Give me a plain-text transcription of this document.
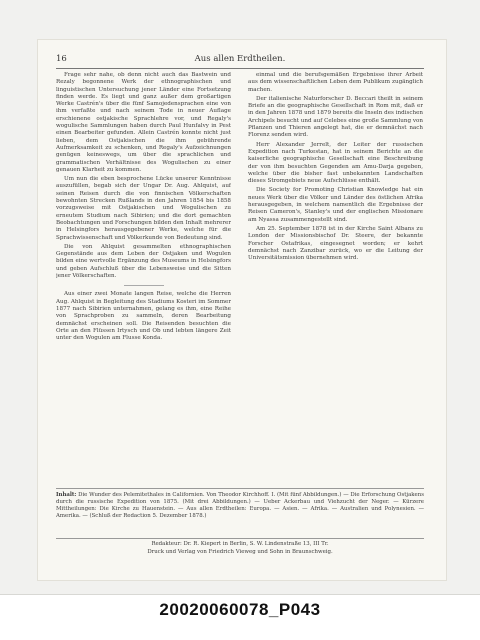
16	Aus allen Erdtheilen.

Frage sehr nahe, ob denn nicht auch das Bastwein und Rezaly begonnene Werk der ethnographischen und linguistischen Untersuchung jener Länder eine Fortsetzung finden werde. Es liegt und ganz außer dem großartigen Werke Castrén's über die fünf Samojedensprachen eine von ihm verfaßte und nach seinem Tode in neuer Auflage erschienene ostjakische Sprachlehre vor, und Regaly's wogulische Sammlungen haben durch Paul Hunfalvy in Pest einen Bearbeiter gefunden. Allein Castrén konnte nicht just lieben, dem Ostjakischen die ihm gebührende Aufmerksamkeit zu schenken, und Regaly's Aufzeichnungen genügen keineswegs, um über die sprachlichen und grammatischen Verhältnisse des Wogulischen zu einer genauen Klarheit zu kommen.

Um nun die eben besprochene Lücke unserer Kenntnisse auszufüllen, begab sich der Ungar Dr. Aug. Ahlquist, auf seinen Reisen durch die von finnischen Völkerschaften bewohnten Strecken Rußlands in den Jahren 1854 bis 1858 vorzugsweise mit Ostjakischen und Wogulischen zu erneutem Studium nach Sibirien; und die dort gemachten Beobachtungen und Forschungen bilden den Inhalt mehrerer in Helsingfors herausgegebener Werke, welche für die Sprachwissenschaft und Völkerkunde von Bedeutung sind.

Die von Ahlquist gesammelten ethnographischen Gegenstände aus dem Leben der Ostjaken und Wogulen bilden eine wertvolle Ergänzung des Museums in Helsingfors und geben Aufschluß über die Lebensweise und die Sitten jener Völkerschaften.

Aus einer zwei Monate langen Reise, welche die Herren Aug. Ahlquist in Begleitung des Stadiums Kosteri im Sommer 1877 nach Sibirien unternahmen, gelang es ihm, eine Reihe von Sprachproben zu sammeln, deren Bearbeitung demnächst erscheinen soll. Die Reisenden besuchten die Orte an den Flüssen Irtysch und Ob und lebten längere Zeit unter den Wogulen am Flusse Konda.

einmal und die berufsgemäßen Ergebnisse ihrer Arbeit aus dem wissenschaftlichen Leben dem Publikum zugänglich machen.

Der italienische Naturforscher D. Beccari theilt in seinem Briefe an die geographische Gesellschaft in Rom mit, daß er in den Jahren 1878 und 1879 bereits die Inseln des indischen Archipels besucht und auf Celebes eine große Sammlung von Pflanzen und Thieren angelegt hat, die er demnächst nach Florenz senden wird.

Herr Alexander Jerrelt, der Leiter der russischen Expedition nach Turkestan, hat in seinem Berichte an die kaiserliche geographische Gesellschaft eine Beschreibung der von ihm besuchten Gegenden am Amu-Darja gegeben, welche über die bisher fast unbekannten Landschaften dieses Stromgebiets neue Aufschlüsse enthält.

Die Society for Promoting Christian Knowledge hat ein neues Werk über die Völker und Länder des östlichen Afrika herausgegeben, in welchem namentlich die Ergebnisse der Reisen Cameron's, Stanley's und der englischen Missionare am Nyassa zusammengestellt sind.

Am 25. September 1878 ist in der Kirche Saint Albans zu London der Missionsbischof Dr. Steere, der bekannte Forscher Ostafrikas, eingesegnet worden; er kehrt demnächst nach Zanzibar zurück, wo er die Leitung der Universitätsmission übernehmen wird.

Inhalt: Die Wunder des Pelemitethales in Californien. Von Theodor Kirchhoff. I. (Mit fünf Abbildungen.) — Die Erforschung Ostjakens durch die russische Expedition von 1875. (Mit drei Abbildungen.) — Ueber Ackerbau und Viehzucht der Neger. — Kürzere Mittheilungen: Die Kirche zu Hauenstein. — Aus allen Erdtheilen: Europa. — Asien. — Afrika. — Australien und Polynesien. — Amerika. — (Schluß der Redaction 5. Dezember 1878.)
Redakteur: Dr. R. Kiepert in Berlin, S. W. Lindenstraße 13, III Tr.
Druck und Verlag von Friedrich Vieweg und Sohn in Braunschweig.
20020060078_P043
